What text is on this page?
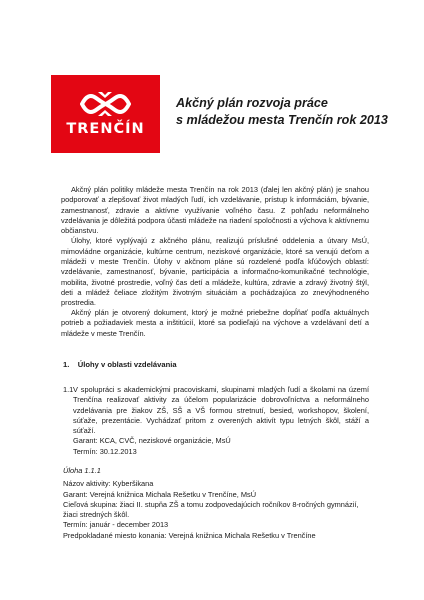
TRENČÍN
Akčný plán rozvoja práce
s mládežou mesta Trenčín rok 2013

Akčný plán politiky mládeže mesta Trenčín na rok 2013 (ďalej len akčný plán) je snahou podporovať a zlepšovať život mladých ľudí, ich vzdelávanie, prístup k informáciám, bývanie, zamestnanosť, zdravie a aktívne využívanie voľného času. Z pohľadu neformálneho vzdelávania je dôležitá podpora účasti mládeže na riadení spoločnosti a výchova k aktívnemu občianstvu.

Úlohy, ktoré vyplývajú z akčného plánu, realizujú príslušné oddelenia a útvary MsÚ, mimovládne organizácie, kultúrne centrum, neziskové organizácie, ktoré sa venujú deťom a mládeži v meste Trenčín. Úlohy v akčnom pláne sú rozdelené podľa kľúčových oblastí: vzdelávanie, zamestnanosť, bývanie, participácia a informačno-komunikačné technológie, mobilita, životné prostredie, voľný čas detí a mládeže, kultúra, zdravie a zdravý životný štýl, deti a mládež čeliace zložitým životným situáciám a pochádzajúca zo znevýhodneného prostredia.

Akčný plán je otvorený dokument, ktorý je možné priebežne dopĺňať podľa aktuálnych potrieb a požiadaviek mesta a inštitúcií, ktoré sa podieľajú na výchove a vzdelávaní detí a mládeže v meste Trenčín.

1. Úlohy v oblasti vzdelávania
1.1 V spolupráci s akademickými pracoviskami, skupinami mladých ľudí a školami na území Trenčína realizovať aktivity za účelom popularizácie dobrovoľníctva a neformálneho vzdelávania pre žiakov ZŠ, SŠ a VŠ formou stretnutí, besied, workshopov, školení, súťaže, prezentácie. Vychádzať pritom z overených aktivít typu letných škôl, stáží a súťaží.
Garant: KCA, CVČ, neziskové organizácie, MsÚ
Termín: 30.12.2013
Úloha 1.1.1
Názov aktivity: Kyberšikana
Garant: Verejná knižnica Michala Rešetku v Trenčíne, MsÚ
Cieľová skupina: žiaci II. stupňa ZŠ a tomu zodpovedajúcich ročníkov 8-ročných gymnázií, žiaci stredných škôl.
Termín: január - december 2013
Predpokladané miesto konania: Verejná knižnica Michala Rešetku v Trenčíne
